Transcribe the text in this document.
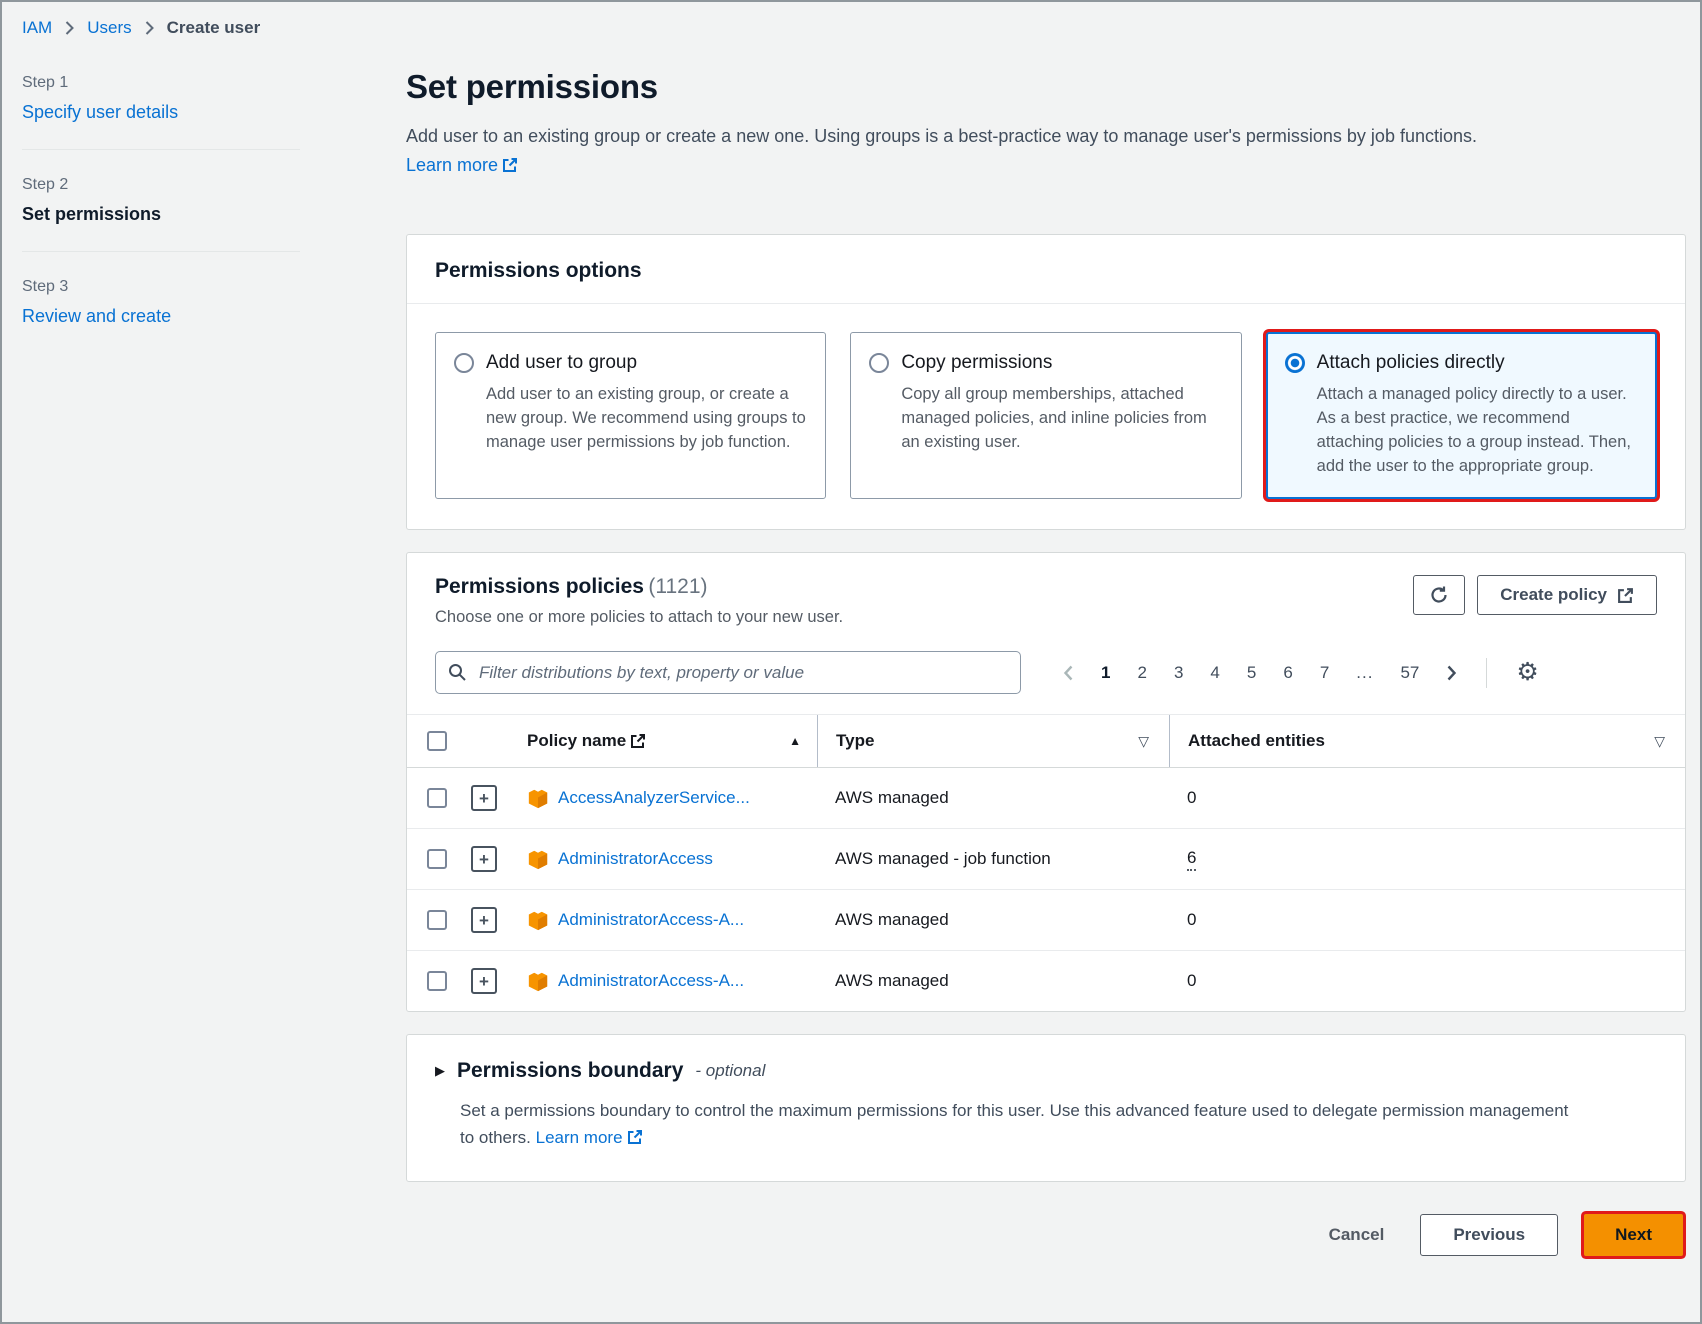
IAM Users Create user
Step 1
Specify user details
Step 2
Set permissions
Step 3
Review and create
Set permissions

Add user to an existing group or create a new one. Using groups is a best-practice way to manage user's permissions by job functions. Learn more

Permissions options
Add user to group
Add user to an existing group, or create a new group. We recommend using groups to manage user permissions by job function.
Copy permissions
Copy all group memberships, attached managed policies, and inline policies from an existing user.
Attach policies directly
Attach a managed policy directly to a user. As a best practice, we recommend attaching policies to a group instead. Then, add the user to the appropriate group.
Permissions policies (1121)
Choose one or more policies to attach to your new user.
Create policy
Filter distributions by text, property or value
1 2 3 4 5 6 7 ... 57	⚙
Policy name	▲ Type	▽ Attached entities	▽
+	AccessAnalyzerService...	AWS managed	0
+	AdministratorAccess	AWS managed - job function	6
+	AdministratorAccess-A...	AWS managed	0
+	AdministratorAccess-A...	AWS managed	0
▶ Permissions boundary - optional
Set a permissions boundary to control the maximum permissions for this user. Use this advanced feature used to delegate permission management to others. Learn more
Cancel	Previous	Next
